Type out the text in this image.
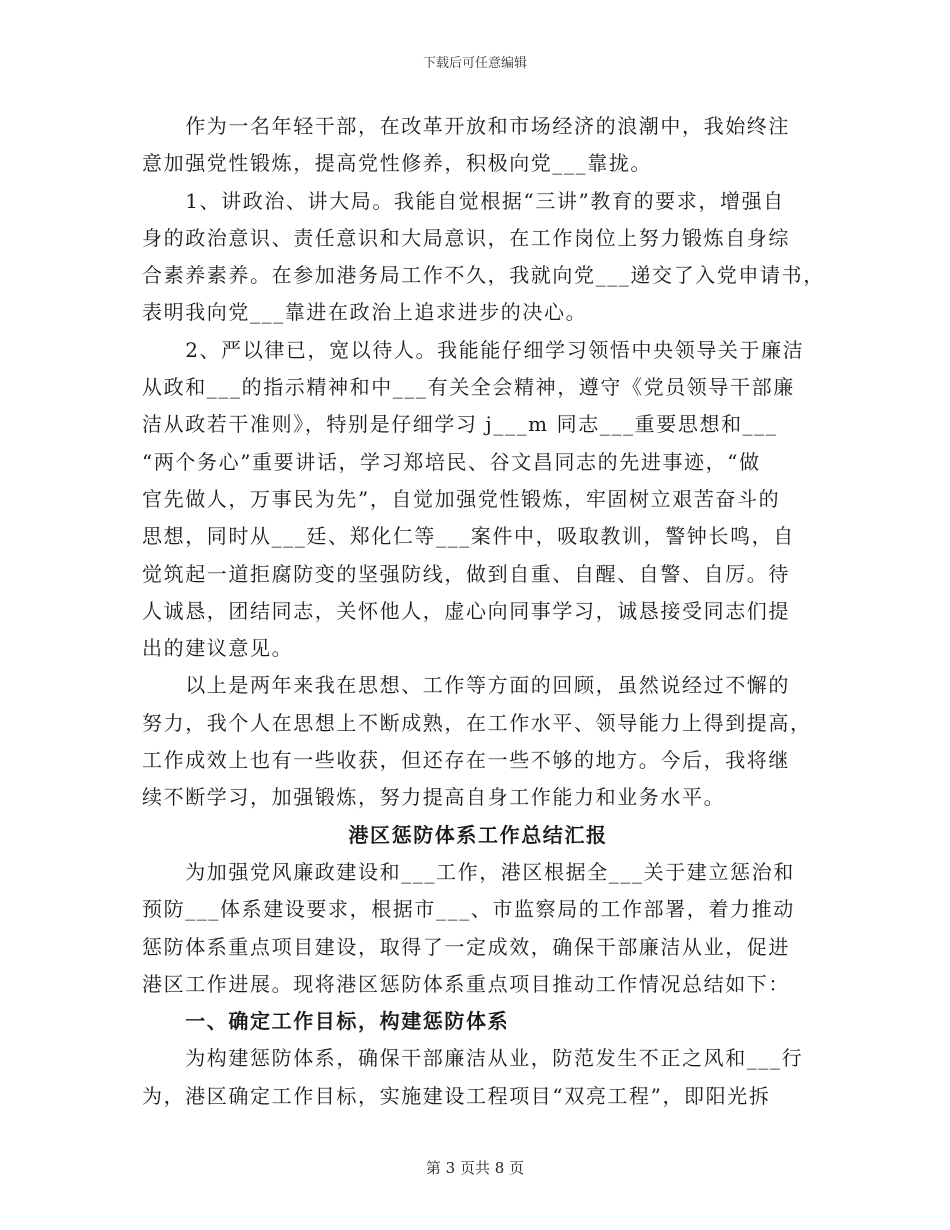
下载后可任意编辑
　　作为一名年轻干部，在改革开放和市场经济的浪潮中，我始终注
意加强党性锻炼，提高党性修养，积极向党___靠拢。
　　1、讲政治、讲大局。我能自觉根据“三讲”教育的要求，增强自
身的政治意识、责任意识和大局意识，在工作岗位上努力锻炼自身综
合素养素养。在参加港务局工作不久，我就向党___递交了入党申请书，
表明我向党___靠进在政治上追求进步的决心。
　　2、严以律已，宽以待人。我能能仔细学习领悟中央领导关于廉洁
从政和___的指示精神和中___有关全会精神，遵守《党员领导干部廉
洁从政若干准则》，特别是仔细学习 j___m 同志___重要思想和___
“两个务心”重要讲话，学习郑培民、谷文昌同志的先进事迹，“做
官先做人，万事民为先”，自觉加强党性锻炼，牢固树立艰苦奋斗的
思想，同时从___廷、郑化仁等___案件中，吸取教训，警钟长鸣，自
觉筑起一道拒腐防变的坚强防线，做到自重、自醒、自警、自厉。待
人诚恳，团结同志，关怀他人，虚心向同事学习，诚恳接受同志们提
出的建议意见。
　　以上是两年来我在思想、工作等方面的回顾，虽然说经过不懈的
努力，我个人在思想上不断成熟，在工作水平、领导能力上得到提高，
工作成效上也有一些收获，但还存在一些不够的地方。今后，我将继
续不断学习，加强锻炼，努力提高自身工作能力和业务水平。
港区惩防体系工作总结汇报
　　为加强党风廉政建设和___工作，港区根据全___关于建立惩治和
预防___体系建设要求，根据市___、市监察局的工作部署，着力推动
惩防体系重点项目建设，取得了一定成效，确保干部廉洁从业，促进
港区工作进展。现将港区惩防体系重点项目推动工作情况总结如下：
　　一、确定工作目标，构建惩防体系
　　为构建惩防体系，确保干部廉洁从业，防范发生不正之风和___行
为，港区确定工作目标，实施建设工程项目“双亮工程”，即阳光拆
第 3 页共 8 页
